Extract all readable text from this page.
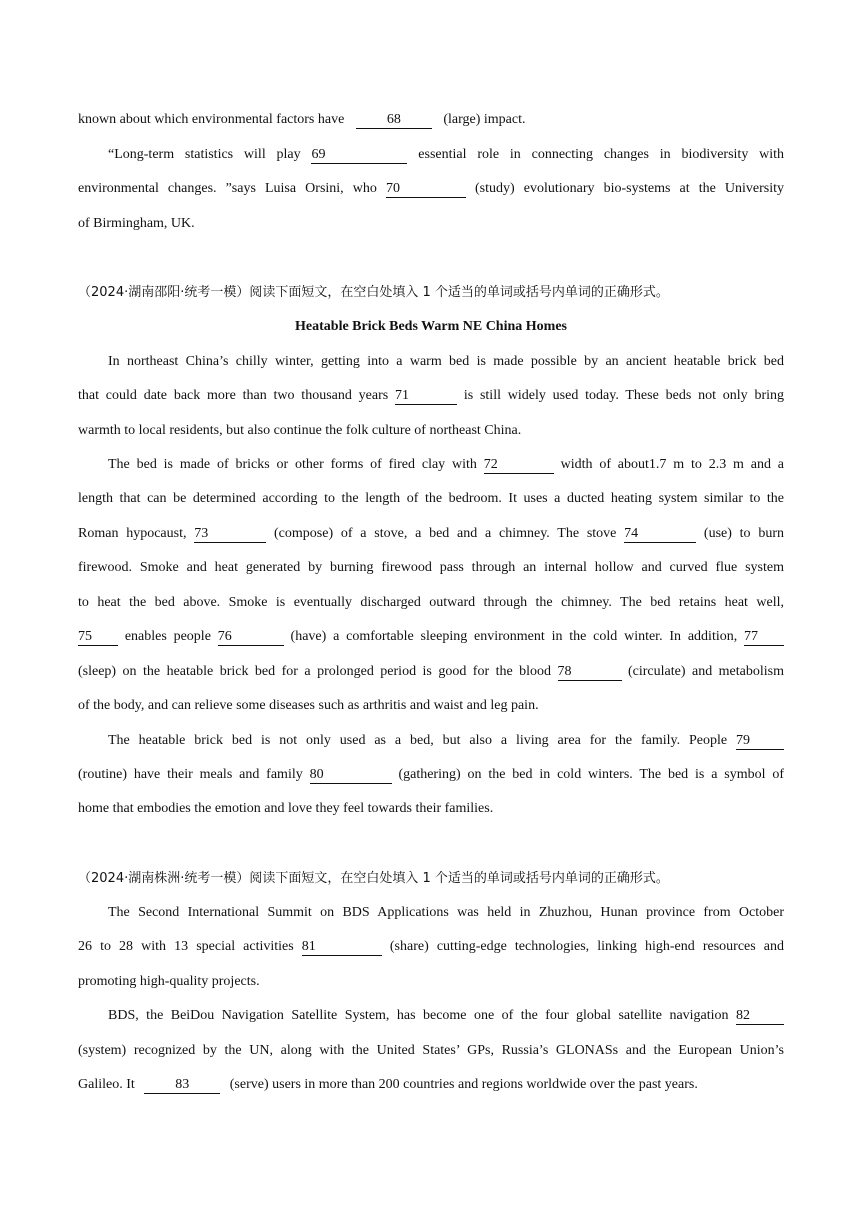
known about which environmental factors have	68	(large) impact.
“Long-term statistics will play 69	essential role in connecting changes in biodiversity with
environmental changes. ”says Luisa Orsini, who 70	(study) evolutionary bio-systems at the University
of Birmingham, UK.
（2024·湖南邵阳·统考一模）阅读下面短文，在空白处填入 1 个适当的单词或括号内单词的正确形式。
Heatable Brick Beds Warm NE China Homes
In northeast China’s chilly winter, getting into a warm bed is made possible by an ancient heatable brick bed
that could date back more than two thousand years 71	is still widely used today. These beds not only bring
warmth to local residents, but also continue the folk culture of northeast China.
The bed is made of bricks or other forms of fired clay with 72	width of about1.7 m to 2.3 m and a
length that can be determined according to the length of the bedroom. It uses a ducted heating system similar to the
Roman hypocaust, 73	(compose) of a stove, a bed and a chimney. The stove 74	(use) to burn
firewood. Smoke and heat generated by burning firewood pass through an internal hollow and curved flue system
to heat the bed above. Smoke is eventually discharged outward through the chimney. The bed retains heat well,
75 enables people 76	(have) a comfortable sleeping environment in the cold winter. In addition, 77
(sleep) on the heatable brick bed for a prolonged period is good for the blood 78	(circulate) and metabolism
of the body, and can relieve some diseases such as arthritis and waist and leg pain.
The heatable brick bed is not only used as a bed, but also a living area for the family. People 79
(routine) have their meals and family 80	(gathering) on the bed in cold winters. The bed is a symbol of
home that embodies the emotion and love they feel towards their families.
（2024·湖南株洲·统考一模）阅读下面短文，在空白处填入 1 个适当的单词或括号内单词的正确形式。
The Second International Summit on BDS Applications was held in Zhuzhou, Hunan province from October
26 to 28 with 13 special activities 81	(share) cutting-edge technologies, linking high-end resources and
promoting high-quality projects.
BDS, the BeiDou Navigation Satellite System, has become one of the four global satellite navigation 82
(system) recognized by the UN, along with the United States’ GPs, Russia’s GLONASs and the European Union’s
Galileo. It	83	(serve) users in more than 200 countries and regions worldwide over the past years.
